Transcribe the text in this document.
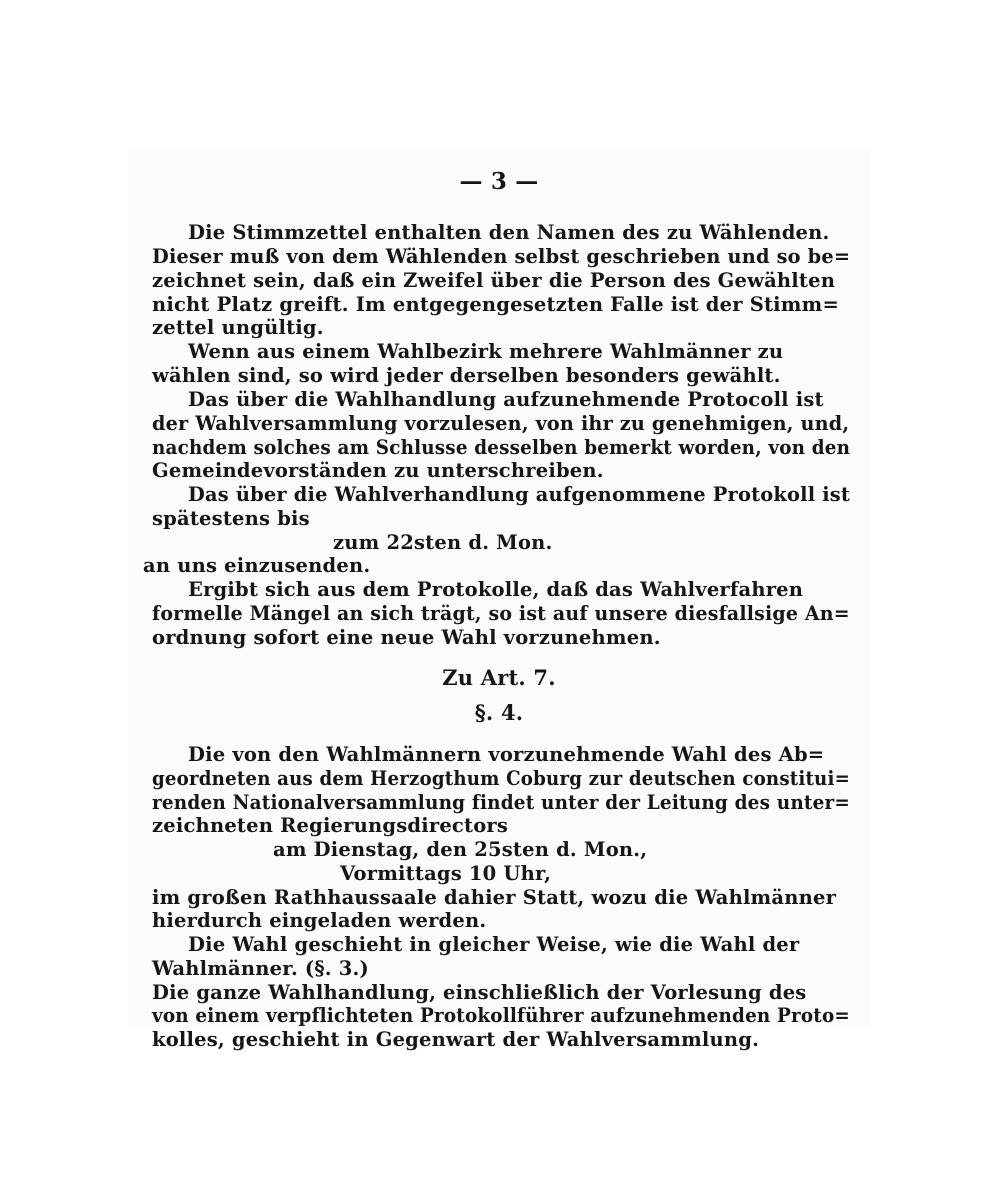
— 3 —
Die Stimmzettel enthalten den Namen des zu Wählenden.
Dieser muß von dem Wählenden selbst geschrieben und so be=
zeichnet sein, daß ein Zweifel über die Person des Gewählten
nicht Platz greift. Im entgegengesetzten Falle ist der Stimm=
zettel ungültig.
Wenn aus einem Wahlbezirk mehrere Wahlmänner zu
wählen sind, so wird jeder derselben besonders gewählt.
Das über die Wahlhandlung aufzunehmende Protocoll ist
der Wahlversammlung vorzulesen, von ihr zu genehmigen, und,
nachdem solches am Schlusse desselben bemerkt worden, von den
Gemeindevorständen zu unterschreiben.
Das über die Wahlverhandlung aufgenommene Protokoll ist
spätestens bis
zum 22sten d. Mon.
an uns einzusenden.
Ergibt sich aus dem Protokolle, daß das Wahlverfahren
formelle Mängel an sich trägt, so ist auf unsere diesfallsige An=
ordnung sofort eine neue Wahl vorzunehmen.
Zu Art. 7.
§. 4.
Die von den Wahlmännern vorzunehmende Wahl des Ab=
geordneten aus dem Herzogthum Coburg zur deutschen constitui=
renden Nationalversammlung findet unter der Leitung des unter=
zeichneten Regierungsdirectors
am Dienstag, den 25sten d. Mon.,
Vormittags 10 Uhr,
im großen Rathhaussaale dahier Statt, wozu die Wahlmänner
hierdurch eingeladen werden.
Die Wahl geschieht in gleicher Weise, wie die Wahl der
Wahlmänner. (§. 3.)
Die ganze Wahlhandlung, einschließlich der Vorlesung des
von einem verpflichteten Protokollführer aufzunehmenden Proto=
kolles, geschieht in Gegenwart der Wahlversammlung.
